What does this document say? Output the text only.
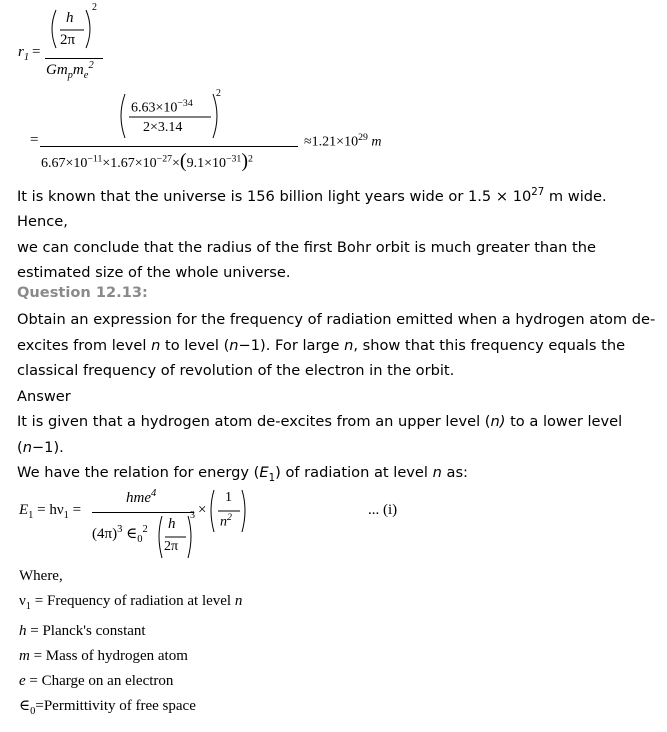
$r_1$ =
h
2π
2
$Gm_pm_e^2$
=
$6.63\times 10^{-34}$
2×3.14
2
$6.67\times 10^{-11}\times 1.67\times 10^{-27}\times(9.1\times 10^{-31})^2$
$\approx 1.21\times 10^{29}$ m
It is known that the universe is 156 billion light years wide or $1.5 \times 10^{27}$ m wide. Hence,
we can conclude that the radius of the first Bohr orbit is much greater than the
estimated size of the whole universe.
Question 12.13:
Obtain an expression for the frequency of radiation emitted when a hydrogen atom de-
excites from level n to level (n−1). For large n, show that this frequency equals the
classical frequency of revolution of the electron in the orbit.
Answer
It is given that a hydrogen atom de-excites from an upper level (n) to a lower level
(n−1).
We have the relation for energy $(E_1)$ of radiation at level n as:
$E_1 = h\nu_1$ =
hme$^4$
$(4\pi)^3$ $\in_0^2$ h
2π
3 ×
1
$n^2$	... (i)
Where,
$\nu_1$ = Frequency of radiation at level n
h = Planck's constant
m = Mass of hydrogen atom
e = Charge on an electron
$\in_0=Permittivity$ of free space
